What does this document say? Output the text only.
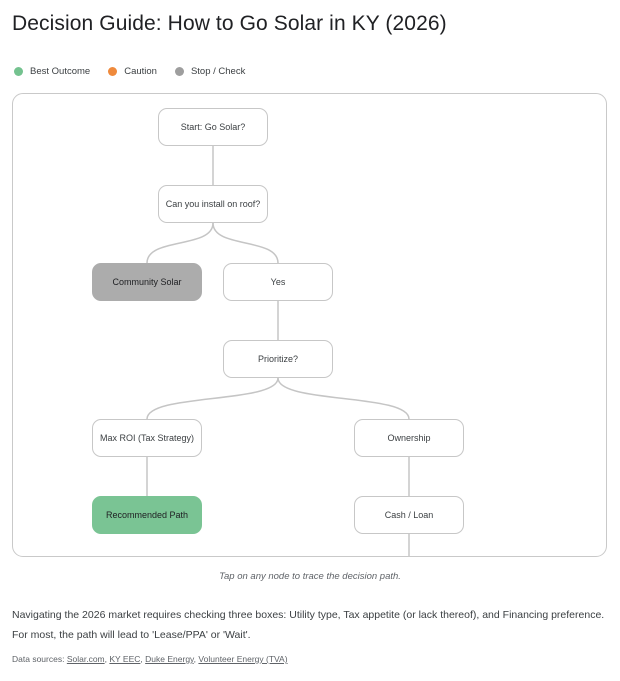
Decision Guide: How to Go Solar in KY (2026)
Best Outcome	Caution	Stop / Check
Start: Go Solar?
Can you install on roof?
Community Solar	Yes
Prioritize?
Max ROI (Tax Strategy)	Ownership
Recommended Path	Cash / Loan
Tap on any node to trace the decision path.
Navigating the 2026 market requires checking three boxes: Utility type, Tax appetite (or lack thereof), and Financing preference. For most, the path will lead to 'Lease/PPA' or 'Wait'.
Data sources: Solar.com, KY EEC, Duke Energy, Volunteer Energy (TVA)
